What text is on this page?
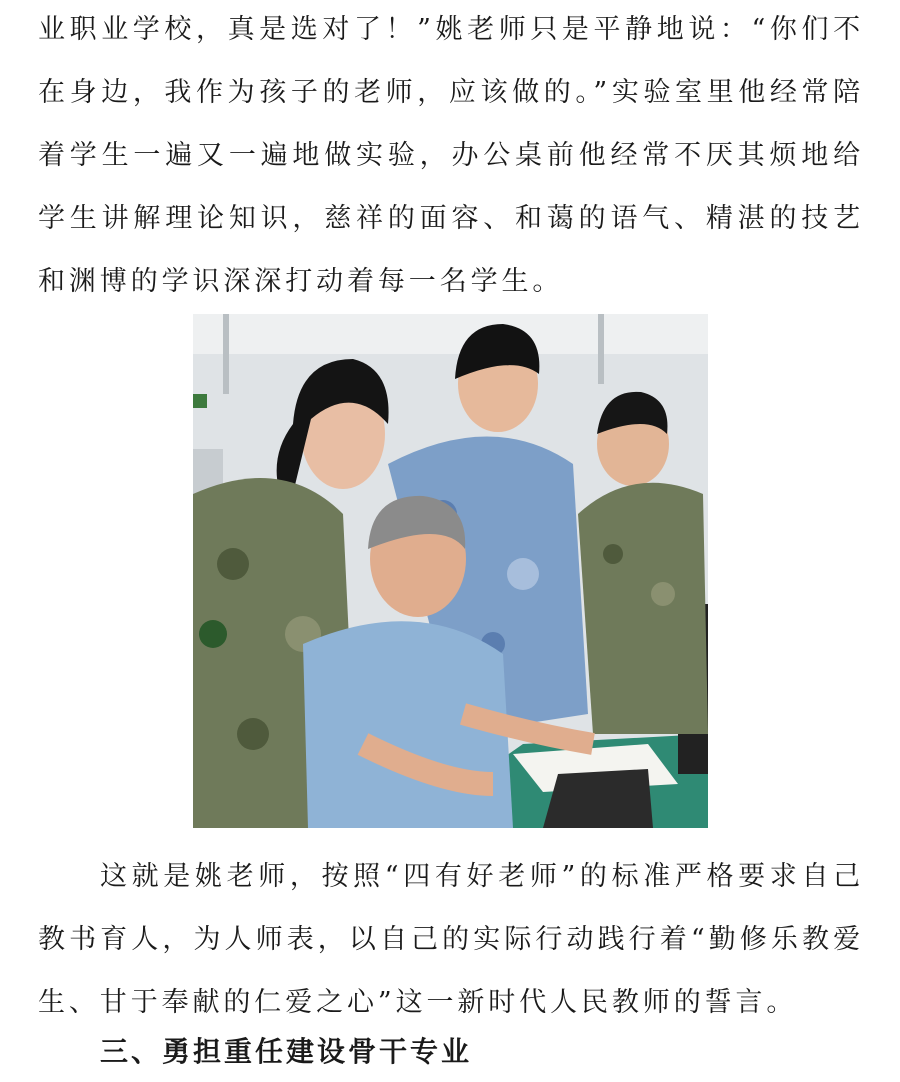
业职业学校，真是选对了！”姚老师只是平静地说：“你们不在身边，我作为孩子的老师，应该做的。”实验室里他经常陪着学生一遍又一遍地做实验，办公桌前他经常不厌其烦地给学生讲解理论知识，慈祥的面容、和蔼的语气、精湛的技艺和渊博的学识深深打动着每一名学生。
这就是姚老师，按照“四有好老师”的标准严格要求自己教书育人，为人师表，以自己的实际行动践行着“勤修乐教爱生、甘于奉献的仁爱之心”这一新时代人民教师的誓言。
三、勇担重任建设骨干专业
